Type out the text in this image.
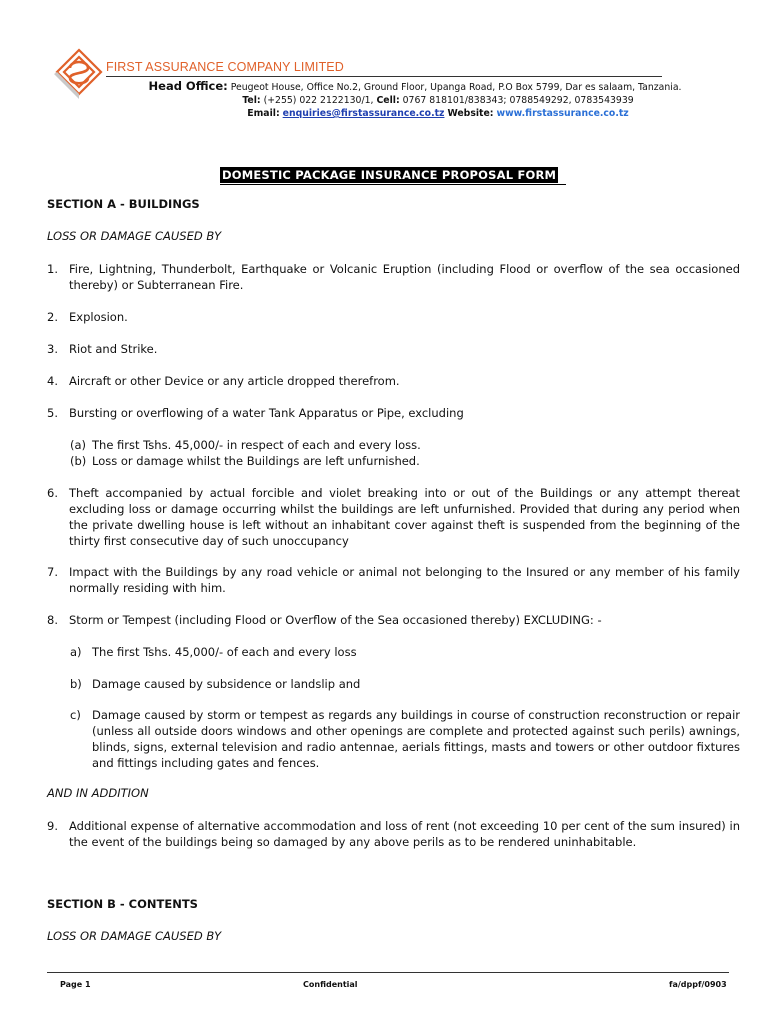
FIRST ASSURANCE COMPANY LIMITED
Head Office: Peugeot House, Office No.2, Ground Floor, Upanga Road, P.O Box 5799, Dar es salaam, Tanzania.
Tel: (+255) 022 2122130/1, Cell: 0767 818101/838343; 0788549292, 0783543939
Email: enquiries@firstassurance.co.tz Website: www.firstassurance.co.tz
DOMESTIC PACKAGE INSURANCE PROPOSAL FORM
SECTION A - BUILDINGS
LOSS OR DAMAGE CAUSED BY
1. Fire, Lightning, Thunderbolt, Earthquake or Volcanic Eruption (including Flood or overflow of the sea occasioned thereby) or Subterranean Fire.
2. Explosion.
3. Riot and Strike.
4. Aircraft or other Device or any article dropped therefrom.
5. Bursting or overflowing of a water Tank Apparatus or Pipe, excluding
(a) The first Tshs. 45,000/- in respect of each and every loss.
(b) Loss or damage whilst the Buildings are left unfurnished.
6. Theft accompanied by actual forcible and violet breaking into or out of the Buildings or any attempt thereat excluding loss or damage occurring whilst the buildings are left unfurnished. Provided that during any period when the private dwelling house is left without an inhabitant cover against theft is suspended from the beginning of the thirty first consecutive day of such unoccupancy
7. Impact with the Buildings by any road vehicle or animal not belonging to the Insured or any member of his family normally residing with him.
8. Storm or Tempest (including Flood or Overflow of the Sea occasioned thereby) EXCLUDING: -
a) The first Tshs. 45,000/- of each and every loss
b) Damage caused by subsidence or landslip and
c) Damage caused by storm or tempest as regards any buildings in course of construction reconstruction or repair (unless all outside doors windows and other openings are complete and protected against such perils) awnings, blinds, signs, external television and radio antennae, aerials fittings, masts and towers or other outdoor fixtures and fittings including gates and fences.
AND IN ADDITION
9. Additional expense of alternative accommodation and loss of rent (not exceeding 10 per cent of the sum insured) in the event of the buildings being so damaged by any above perils as to be rendered uninhabitable.
SECTION B - CONTENTS
LOSS OR DAMAGE CAUSED BY
Page 1	Confidential	fa/dppf/0903
